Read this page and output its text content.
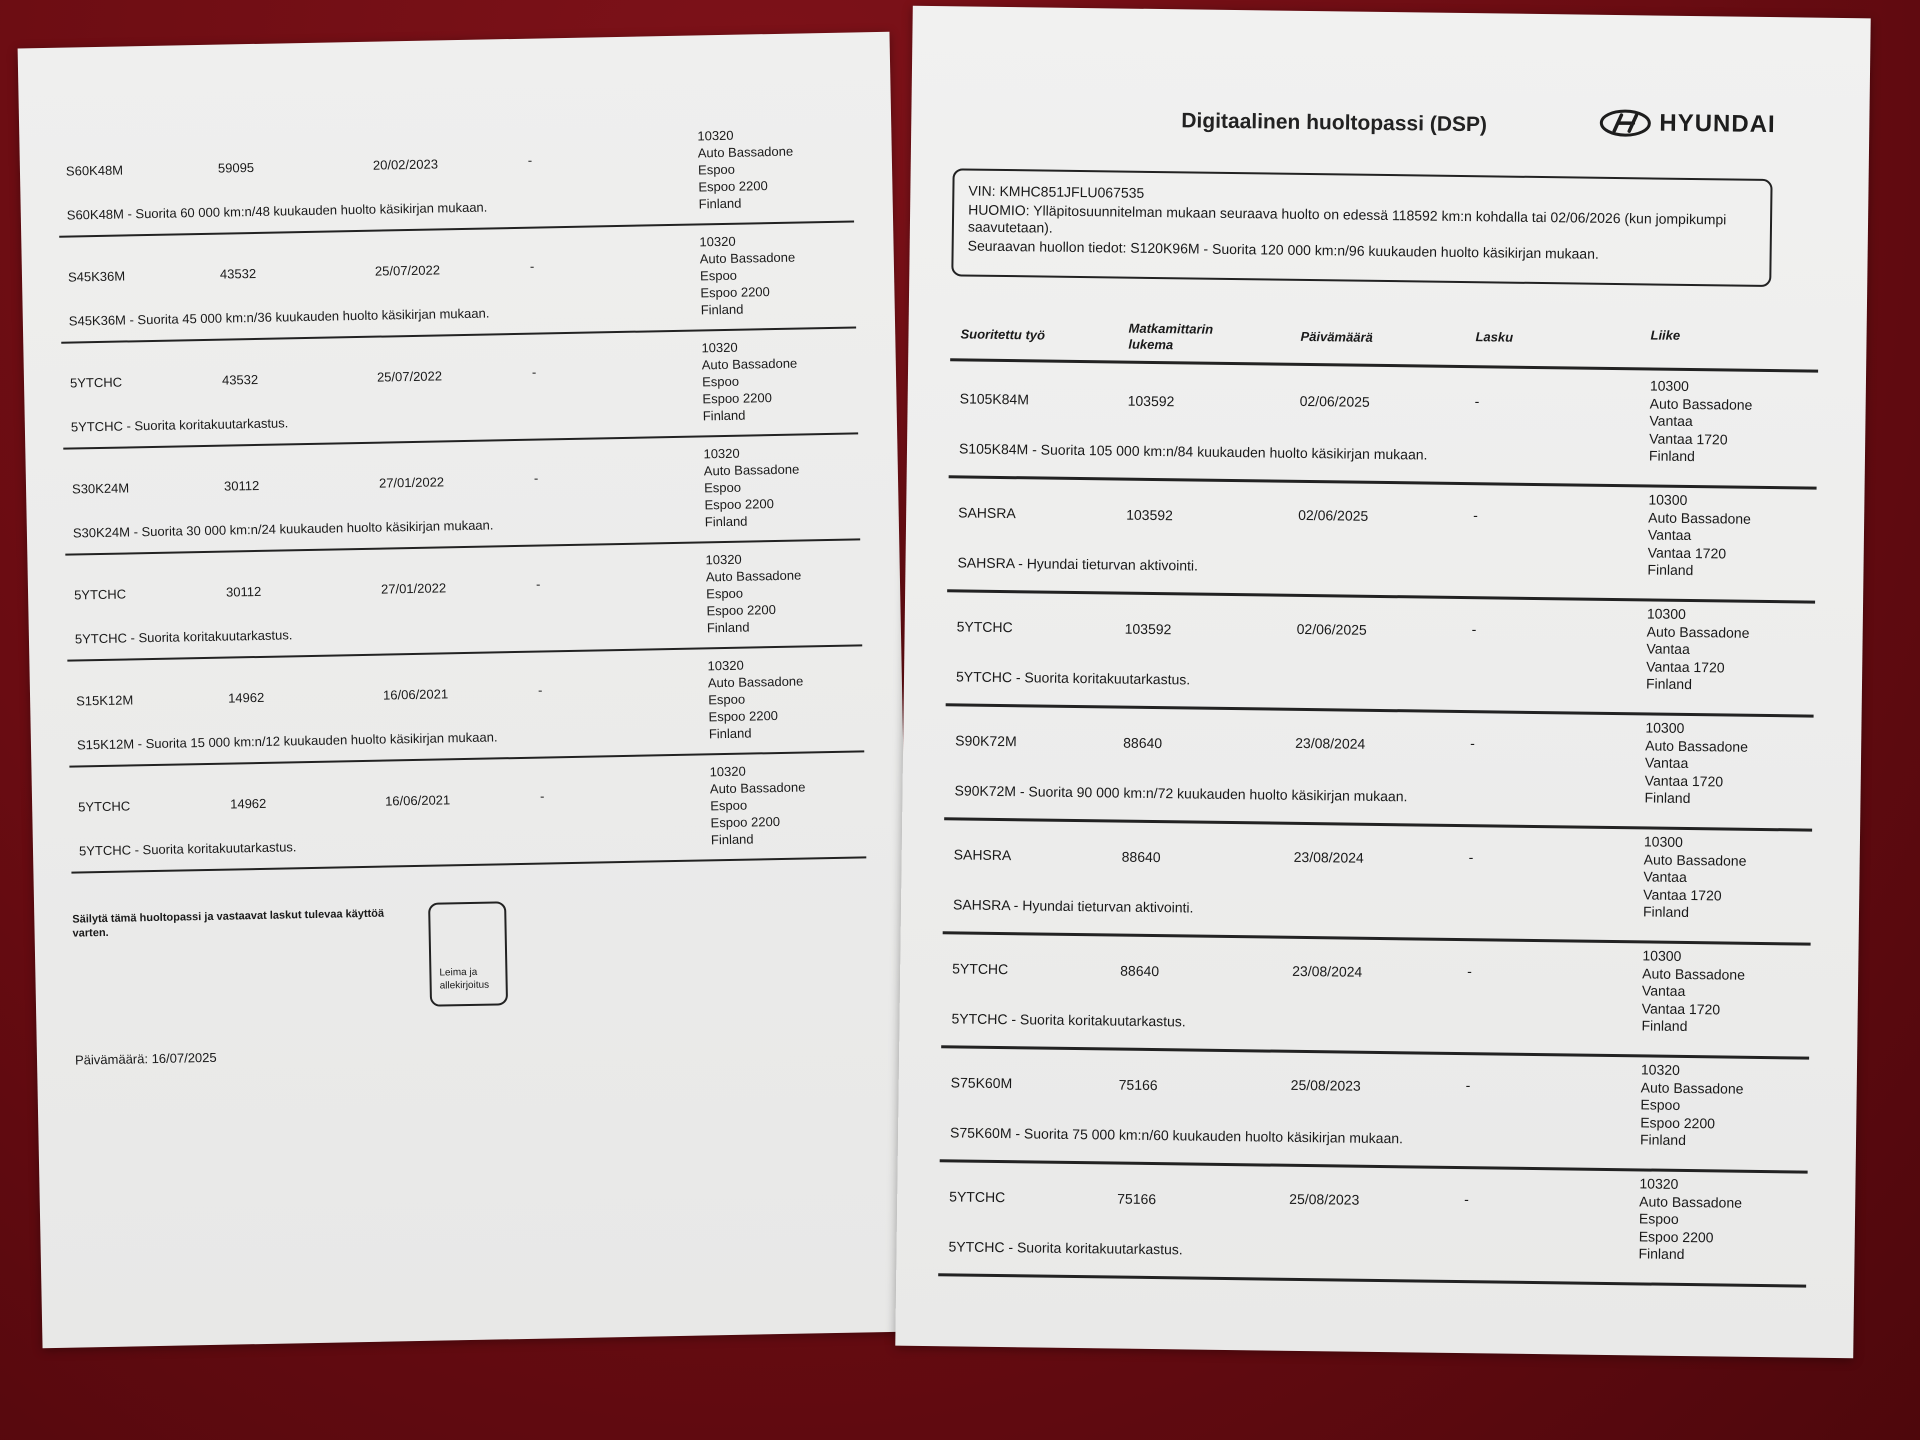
S60K48M	59095	20/02/2023	-
S60K48M - Suorita 60 000 km:n/48 kuukauden huolto käsikirjan mukaan.
10320
Auto Bassadone
Espoo
Espoo 2200
Finland
S45K36M	43532	25/07/2022	-
S45K36M - Suorita 45 000 km:n/36 kuukauden huolto käsikirjan mukaan.
10320
Auto Bassadone
Espoo
Espoo 2200
Finland
5YTCHC	43532	25/07/2022	-
5YTCHC - Suorita koritakuutarkastus.
10320
Auto Bassadone
Espoo
Espoo 2200
Finland
S30K24M	30112	27/01/2022	-
S30K24M - Suorita 30 000 km:n/24 kuukauden huolto käsikirjan mukaan.
10320
Auto Bassadone
Espoo
Espoo 2200
Finland
5YTCHC	30112	27/01/2022	-
5YTCHC - Suorita koritakuutarkastus.
10320
Auto Bassadone
Espoo
Espoo 2200
Finland
S15K12M	14962	16/06/2021	-
S15K12M - Suorita 15 000 km:n/12 kuukauden huolto käsikirjan mukaan.
10320
Auto Bassadone
Espoo
Espoo 2200
Finland
5YTCHC	14962	16/06/2021	-
5YTCHC - Suorita koritakuutarkastus.
10320
Auto Bassadone
Espoo
Espoo 2200
Finland
Säilytä tämä huoltopassi ja vastaavat laskut tulevaa käyttöä varten.
Leima ja allekirjoitus
Päivämäärä: 16/07/2025
Digitaalinen huoltopassi (DSP)	HYUNDAI
VIN: KMHC851JFLU067535
HUOMIO: Ylläpitosuunnitelman mukaan seuraava huolto on edessä 118592 km:n kohdalla tai 02/06/2026 (kun jompikumpi saavutetaan).
Seuraavan huollon tiedot: S120K96M - Suorita 120 000 km:n/96 kuukauden huolto käsikirjan mukaan.
Suoritettu työ	Matkamittarin
lukema	Päivämäärä	Lasku	Liike
S105K84M	103592	02/06/2025	-
S105K84M - Suorita 105 000 km:n/84 kuukauden huolto käsikirjan mukaan.
10300
Auto Bassadone
Vantaa
Vantaa 1720
Finland
SAHSRA	103592	02/06/2025	-
SAHSRA - Hyundai tieturvan aktivointi.
10300
Auto Bassadone
Vantaa
Vantaa 1720
Finland
5YTCHC	103592	02/06/2025	-
5YTCHC - Suorita koritakuutarkastus.
10300
Auto Bassadone
Vantaa
Vantaa 1720
Finland
S90K72M	88640	23/08/2024	-
S90K72M - Suorita 90 000 km:n/72 kuukauden huolto käsikirjan mukaan.
10300
Auto Bassadone
Vantaa
Vantaa 1720
Finland
SAHSRA	88640	23/08/2024	-
SAHSRA - Hyundai tieturvan aktivointi.
10300
Auto Bassadone
Vantaa
Vantaa 1720
Finland
5YTCHC	88640	23/08/2024	-
5YTCHC - Suorita koritakuutarkastus.
10300
Auto Bassadone
Vantaa
Vantaa 1720
Finland
S75K60M	75166	25/08/2023	-
S75K60M - Suorita 75 000 km:n/60 kuukauden huolto käsikirjan mukaan.
10320
Auto Bassadone
Espoo
Espoo 2200
Finland
5YTCHC	75166	25/08/2023	-
5YTCHC - Suorita koritakuutarkastus.
10320
Auto Bassadone
Espoo
Espoo 2200
Finland
